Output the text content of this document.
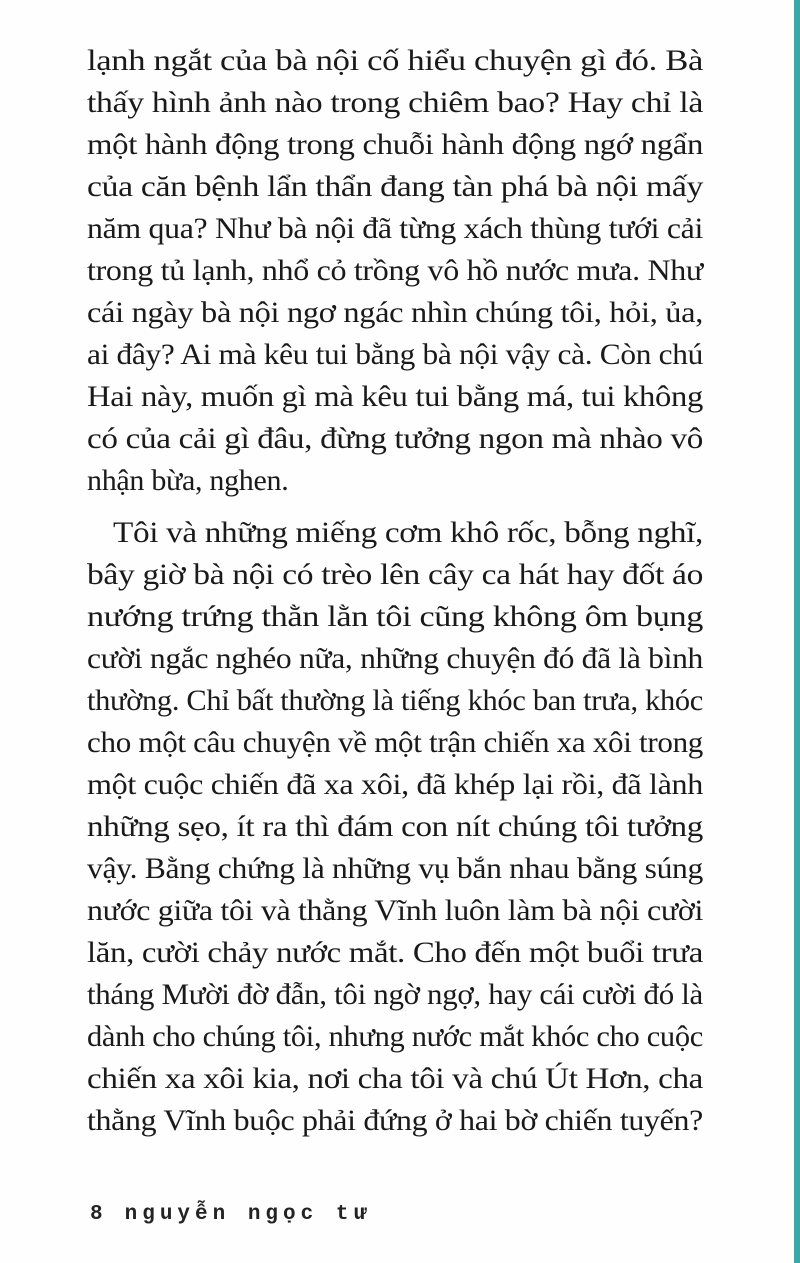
lạnh ngắt của bà nội cố hiểu chuyện gì đó. Bà
thấy hình ảnh nào trong chiêm bao? Hay chỉ là
một hành động trong chuỗi hành động ngớ ngẩn
của căn bệnh lẩn thẩn đang tàn phá bà nội mấy
năm qua? Như bà nội đã từng xách thùng tưới cải
trong tủ lạnh, nhổ cỏ trồng vô hồ nước mưa. Như
cái ngày bà nội ngơ ngác nhìn chúng tôi, hỏi, ủa,
ai đây? Ai mà kêu tui bằng bà nội vậy cà. Còn chú
Hai này, muốn gì mà kêu tui bằng má, tui không
có của cải gì đâu, đừng tưởng ngon mà nhào vô
nhận bừa, nghen.
Tôi và những miếng cơm khô rốc, bỗng nghĩ,
bây giờ bà nội có trèo lên cây ca hát hay đốt áo
nướng trứng thằn lằn tôi cũng không ôm bụng
cười ngắc nghéo nữa, những chuyện đó đã là bình
thường. Chỉ bất thường là tiếng khóc ban trưa, khóc
cho một câu chuyện về một trận chiến xa xôi trong
một cuộc chiến đã xa xôi, đã khép lại rồi, đã lành
những sẹo, ít ra thì đám con nít chúng tôi tưởng
vậy. Bằng chứng là những vụ bắn nhau bằng súng
nước giữa tôi và thằng Vĩnh luôn làm bà nội cười
lăn, cười chảy nước mắt. Cho đến một buổi trưa
tháng Mười đờ đẫn, tôi ngờ ngợ, hay cái cười đó là
dành cho chúng tôi, nhưng nước mắt khóc cho cuộc
chiến xa xôi kia, nơi cha tôi và chú Út Hơn, cha
thằng Vĩnh buộc phải đứng ở hai bờ chiến tuyến?
8 nguyễn ngọc tư
